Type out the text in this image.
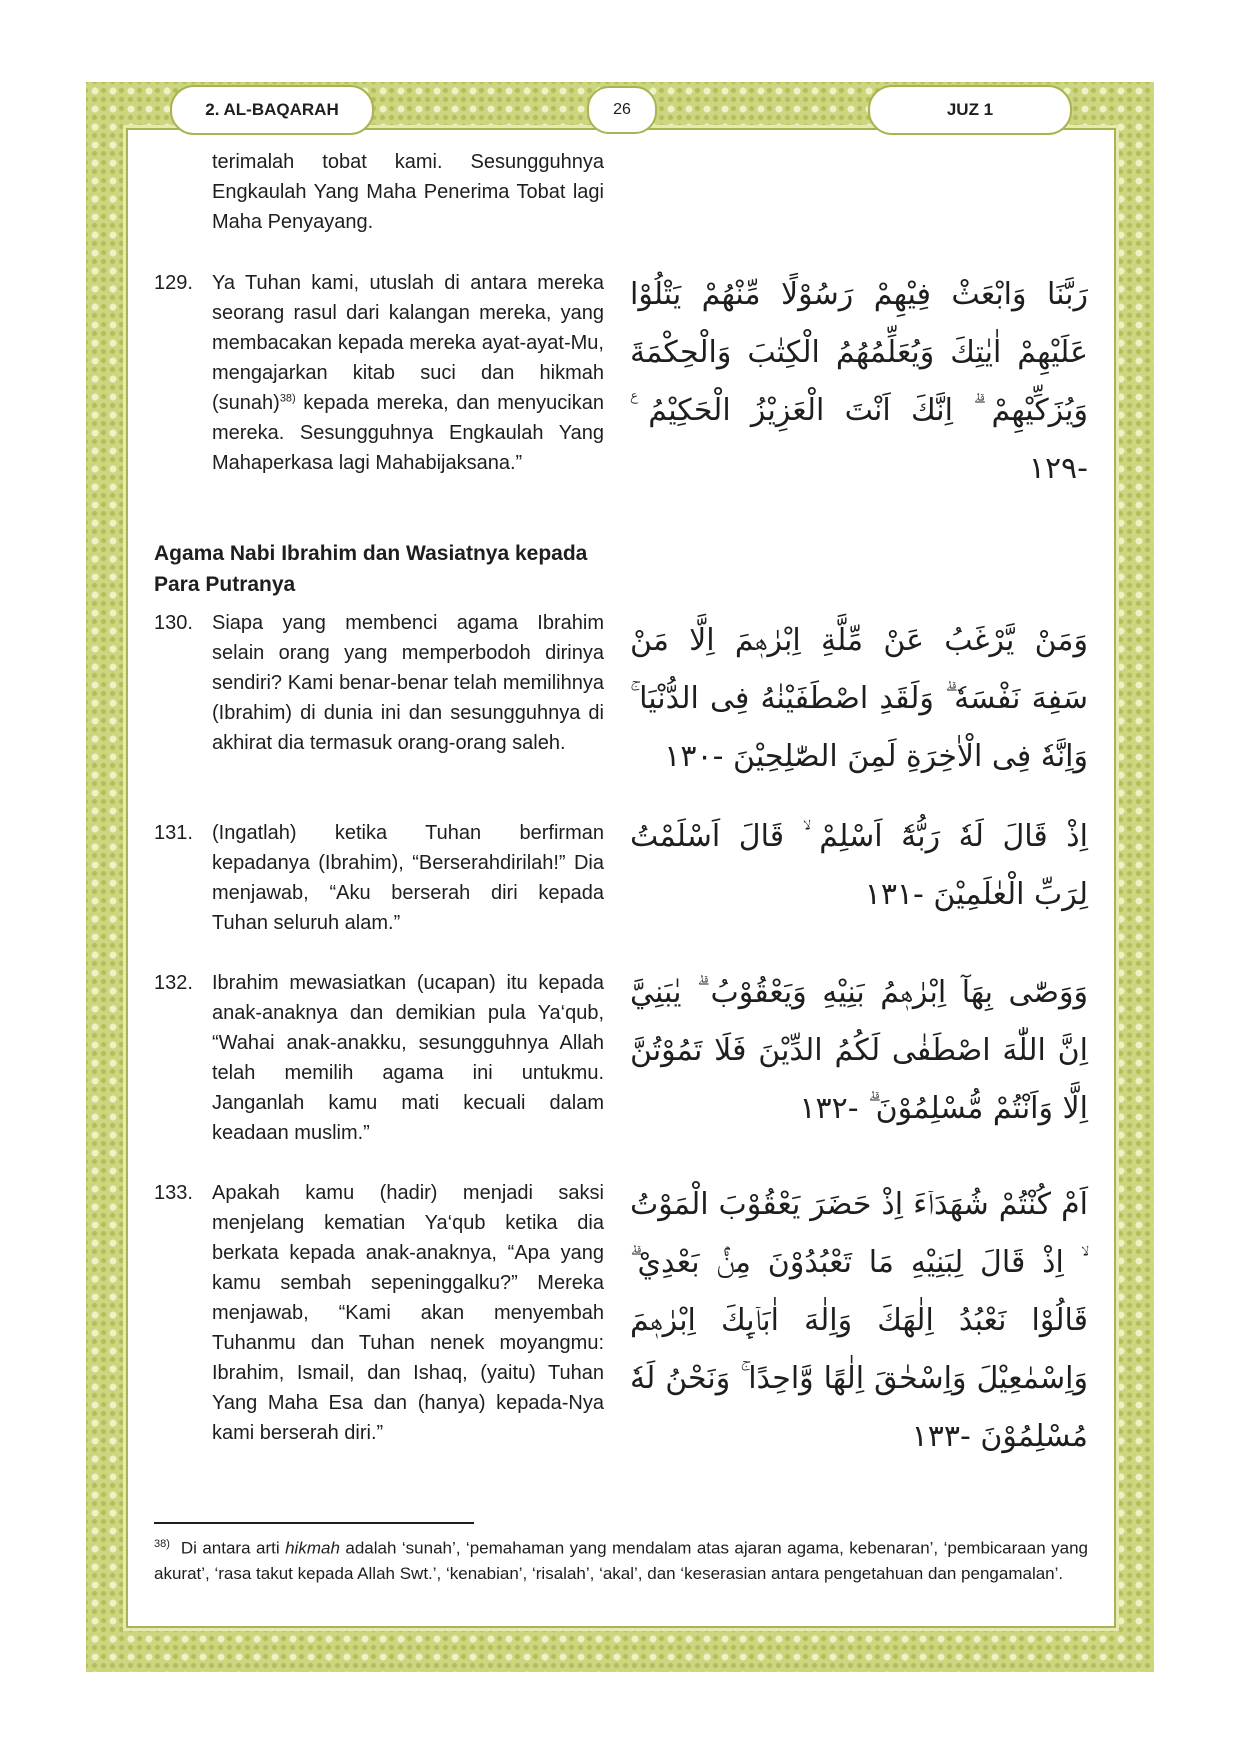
2. AL-BAQARAH	26	JUZ 1
terimalah tobat kami. Sesungguhnya Engkaulah Yang Maha Penerima Tobat lagi Maha Penyayang.
129. Ya Tuhan kami, utuslah di antara mereka seorang rasul dari kalangan mereka, yang membacakan kepada mereka ayat-ayat-Mu, mengajarkan kitab suci dan hikmah (sunah)$^{38)}$ kepada mereka, dan menyucikan mereka. Sesungguhnya Engkaulah Yang Mahaperkasa lagi Mahabijaksana.”
رَبَّنَا وَابْعَثْ فِيْهِمْ رَسُوْلًا مِّنْهُمْ يَتْلُوْا عَلَيْهِمْ اٰيٰتِكَ وَيُعَلِّمُهُمُ الْكِتٰبَ وَالْحِكْمَةَ وَيُزَكِّيْهِمْ ۗ اِنَّكَ اَنْتَ الْعَزِيْزُ الْحَكِيْمُ ࣖ -١٢٩
Agama Nabi Ibrahim dan Wasiatnya kepada Para Putranya
130. Siapa yang membenci agama Ibrahim selain orang yang memperbodoh dirinya sendiri? Kami benar-benar telah memilihnya (Ibrahim) di dunia ini dan sesungguhnya di akhirat dia termasuk orang-orang saleh.
وَمَنْ يَّرْغَبُ عَنْ مِّلَّةِ اِبْرٰهٖمَ اِلَّا مَنْ سَفِهَ نَفْسَهٗ ۗ وَلَقَدِ اصْطَفَيْنٰهُ فِى الدُّنْيَا ۚ وَاِنَّهٗ فِى الْاٰخِرَةِ لَمِنَ الصّٰلِحِيْنَ -١٣٠
131. (Ingatlah) ketika Tuhan berfirman kepadanya (Ibrahim), “Berserahdirilah!” Dia menjawab, “Aku berserah diri kepada Tuhan seluruh alam.”
اِذْ قَالَ لَهٗ رَبُّهٗٓ اَسْلِمْ ۙ قَالَ اَسْلَمْتُ لِرَبِّ الْعٰلَمِيْنَ -١٣١
132. Ibrahim mewasiatkan (ucapan) itu kepada anak-anaknya dan demikian pula Ya‘qub, “Wahai anak-anakku, sesungguhnya Allah telah memilih agama ini untukmu. Janganlah kamu mati kecuali dalam keadaan muslim.”
وَوَصّٰى بِهَآ اِبْرٰهٖمُ بَنِيْهِ وَيَعْقُوْبُ ۗ يٰبَنِيَّ اِنَّ اللّٰهَ اصْطَفٰى لَكُمُ الدِّيْنَ فَلَا تَمُوْتُنَّ اِلَّا وَاَنْتُمْ مُّسْلِمُوْنَ ۗ -١٣٢
133. Apakah kamu (hadir) menjadi saksi menjelang kematian Ya‘qub ketika dia berkata kepada anak-anaknya, “Apa yang kamu sembah sepeninggalku?” Mereka menjawab, “Kami akan menyembah Tuhanmu dan Tuhan nenek moyangmu: Ibrahim, Ismail, dan Ishaq, (yaitu) Tuhan Yang Maha Esa dan (hanya) kepada-Nya kami berserah diri.”
اَمْ كُنْتُمْ شُهَدَاۤءَ اِذْ حَضَرَ يَعْقُوْبَ الْمَوْتُ ۙ اِذْ قَالَ لِبَنِيْهِ مَا تَعْبُدُوْنَ مِنْۢ بَعْدِيْ ۗ قَالُوْا نَعْبُدُ اِلٰهَكَ وَاِلٰهَ اٰبَاۤىِٕكَ اِبْرٰهٖمَ وَاِسْمٰعِيْلَ وَاِسْحٰقَ اِلٰهًا وَّاحِدًا ۚ وَنَحْنُ لَهٗ مُسْلِمُوْنَ -١٣٣
$^{38)}$ Di antara arti hikmah adalah ‘sunah’, ‘pemahaman yang mendalam atas ajaran agama, kebenaran’, ‘pembicaraan yang akurat’, ‘rasa takut kepada Allah Swt.’, ‘kenabian’, ‘risalah’, ‘akal’, dan ‘keserasian antara pengetahuan dan pengamalan’.
